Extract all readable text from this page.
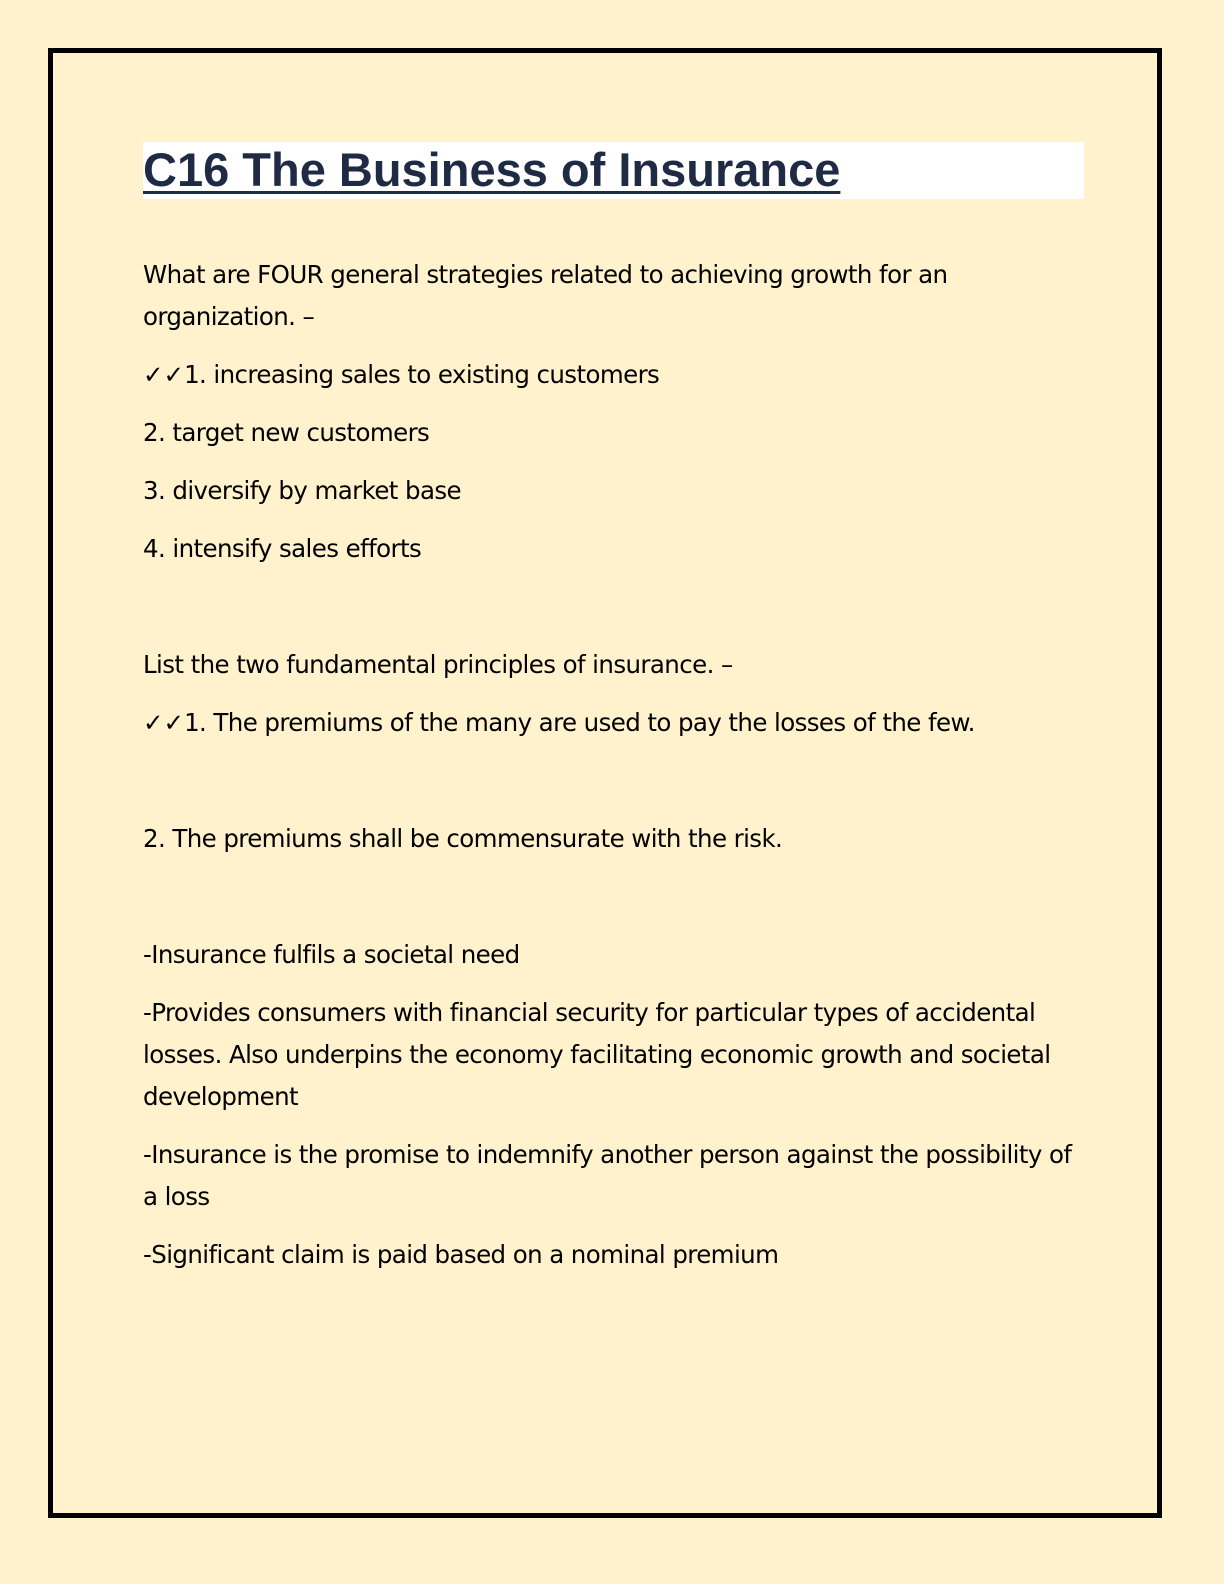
C16 The Business of Insurance

What are FOUR general strategies related to achieving growth for an organization. –

✓✓1. increasing sales to existing customers

2. target new customers

3. diversify by market base

4. intensify sales efforts

List the two fundamental principles of insurance. –

✓✓1. The premiums of the many are used to pay the losses of the few.

2. The premiums shall be commensurate with the risk.

-Insurance fulfils a societal need

-Provides consumers with financial security for particular types of accidental losses. Also underpins the economy facilitating economic growth and societal development

-Insurance is the promise to indemnify another person against the possibility of a loss

-Significant claim is paid based on a nominal premium
